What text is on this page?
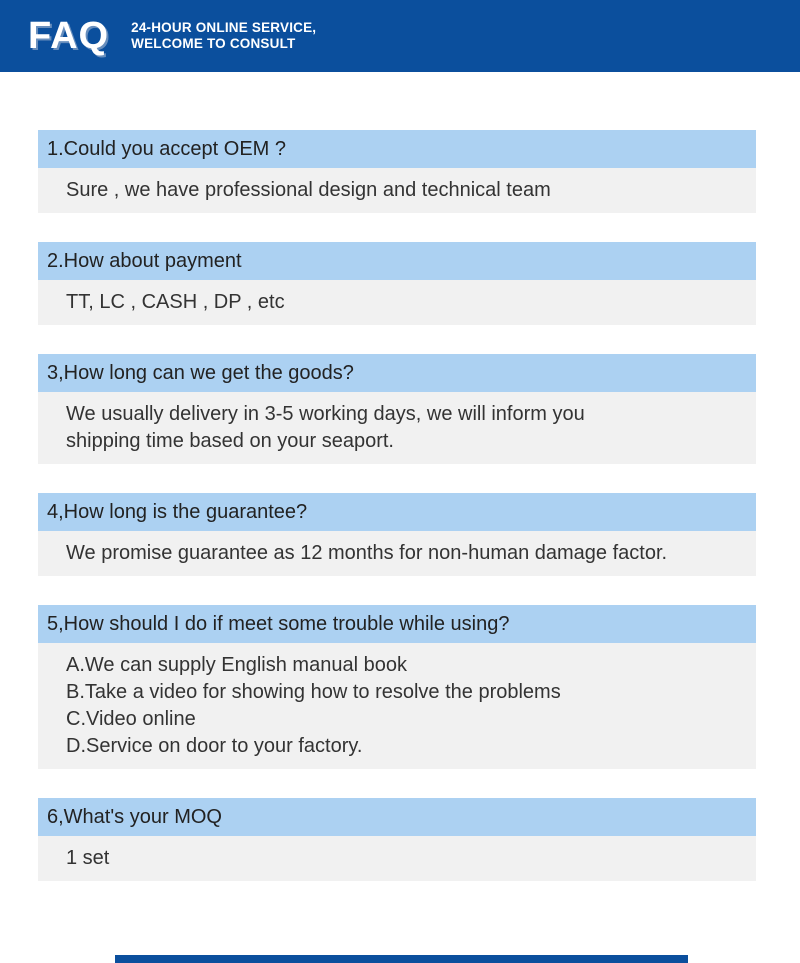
FAQ 24-HOUR ONLINE SERVICE,
WELCOME TO CONSULT
1.Could you accept OEM ?
Sure , we have professional design and technical team
2.How about payment
TT, LC , CASH , DP , etc
3,How long can we get the goods?
We usually delivery in 3-5 working days, we will inform you
shipping time based on your seaport.
4,How long is the guarantee?
We promise guarantee as 12 months for non-human damage factor.
5,How should I do if meet some trouble while using?
A.We can supply English manual book
B.Take a video for showing how to resolve the problems
C.Video online
D.Service on door to your factory.
6,What's your MOQ
1 set
